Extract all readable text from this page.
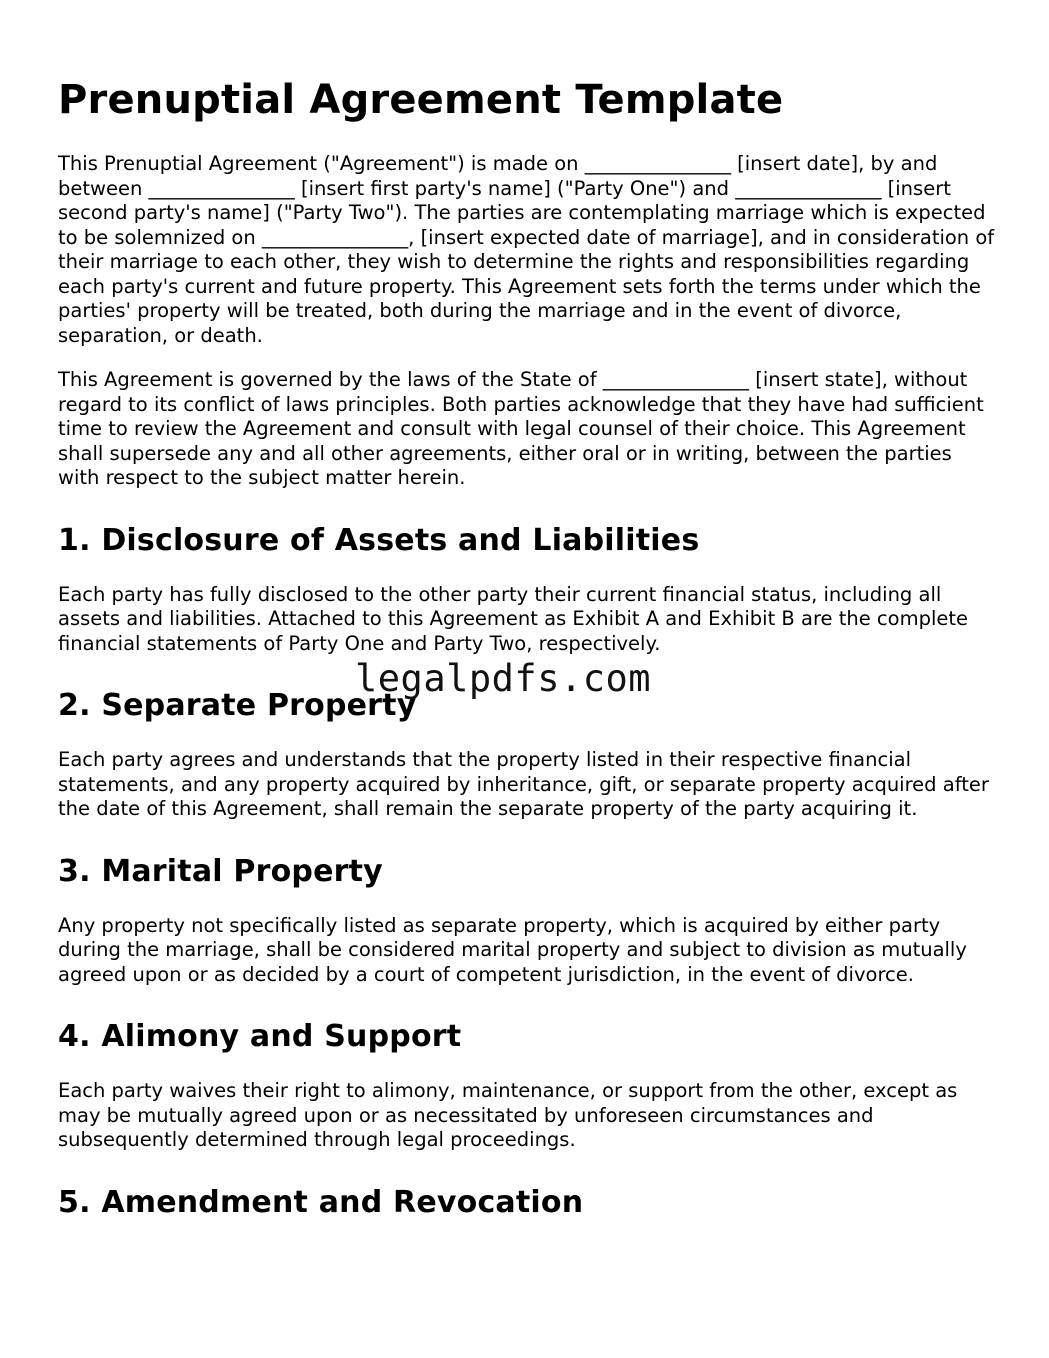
Prenuptial Agreement Template

This Prenuptial Agreement ("Agreement") is made on _______________ [insert date], by and between _______________ [insert first party's name] ("Party One") and _______________ [insert second party's name] ("Party Two"). The parties are contemplating marriage which is expected to be solemnized on _______________, [insert expected date of marriage], and in consideration of their marriage to each other, they wish to determine the rights and responsibilities regarding each party's current and future property. This Agreement sets forth the terms under which the parties' property will be treated, both during the marriage and in the event of divorce, separation, or death.

This Agreement is governed by the laws of the State of _______________ [insert state], without regard to its conflict of laws principles. Both parties acknowledge that they have had sufficient time to review the Agreement and consult with legal counsel of their choice. This Agreement shall supersede any and all other agreements, either oral or in writing, between the parties with respect to the subject matter herein.

1. Disclosure of Assets and Liabilities

Each party has fully disclosed to the other party their current financial status, including all assets and liabilities. Attached to this Agreement as Exhibit A and Exhibit B are the complete financial statements of Party One and Party Two, respectively.

2. Separate Property

Each party agrees and understands that the property listed in their respective financial statements, and any property acquired by inheritance, gift, or separate property acquired after the date of this Agreement, shall remain the separate property of the party acquiring it.

3. Marital Property

Any property not specifically listed as separate property, which is acquired by either party during the marriage, shall be considered marital property and subject to division as mutually agreed upon or as decided by a court of competent jurisdiction, in the event of divorce.

4. Alimony and Support

Each party waives their right to alimony, maintenance, or support from the other, except as may be mutually agreed upon or as necessitated by unforeseen circumstances and subsequently determined through legal proceedings.

5. Amendment and Revocation
legalpdfs.com
